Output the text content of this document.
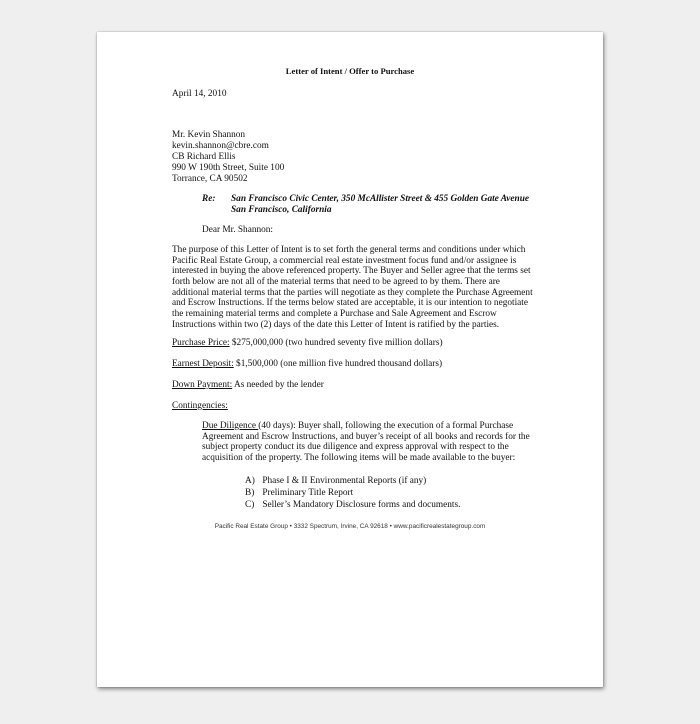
Letter of Intent / Offer to Purchase
April 14, 2010
Mr. Kevin Shannon
kevin.shannon@cbre.com
CB Richard Ellis
990 W 190th Street, Suite 100
Torrance, CA 90502
Re: San Francisco Civic Center, 350 McAllister Street & 455 Golden Gate Avenue
San Francisco, California
Dear Mr. Shannon:
The purpose of this Letter of Intent is to set forth the general terms and conditions under which
Pacific Real Estate Group, a commercial real estate investment focus fund and/or assignee is
interested in buying the above referenced property. The Buyer and Seller agree that the terms set
forth below are not all of the material terms that need to be agreed to by them. There are
additional material terms that the parties will negotiate as they complete the Purchase Agreement
and Escrow Instructions. If the terms below stated are acceptable, it is our intention to negotiate
the remaining material terms and complete a Purchase and Sale Agreement and Escrow
Instructions within two (2) days of the date this Letter of Intent is ratified by the parties.
Purchase Price: $275,000,000 (two hundred seventy five million dollars)
Earnest Deposit: $1,500,000 (one million five hundred thousand dollars)
Down Payment: As needed by the lender
Contingencies:
Due Diligence (40 days): Buyer shall, following the execution of a formal Purchase
Agreement and Escrow Instructions, and buyer’s receipt of all books and records for the
subject property conduct its due diligence and express approval with respect to the
acquisition of the property. The following items will be made available to the buyer:
A) Phase I & II Environmental Reports (if any)
B) Preliminary Title Report
C) Seller’s Mandatory Disclosure forms and documents.
Pacific Real Estate Group • 3332 Spectrum, Irvine, CA 92618 • www.pacificrealestategroup.com
